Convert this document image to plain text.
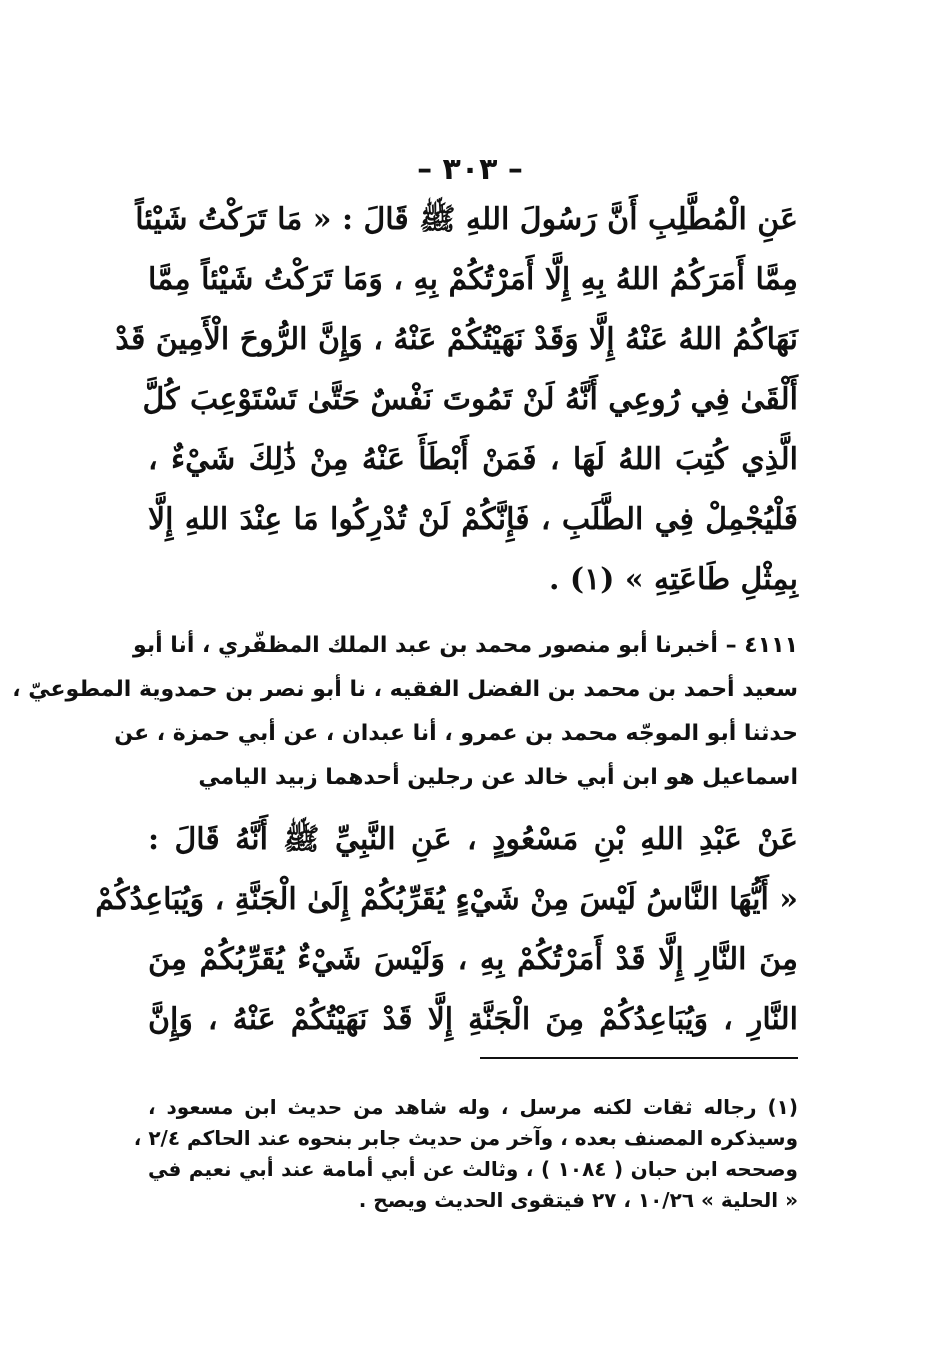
– ٣٠٣ –
عَنِ الْمُطَّلِبِ أَنَّ رَسُولَ اللهِ ﷺ قَالَ : « مَا تَرَكْتُ شَيْئاً
مِمَّا أَمَرَكُمُ اللهُ بِهِ إِلَّا أَمَرْتُكُمْ بِهِ ، وَمَا تَرَكْتُ شَيْئاً مِمَّا
نَهَاكُمُ اللهُ عَنْهُ إِلَّا وَقَدْ نَهَيْتُكُمْ عَنْهُ ، وَإِنَّ الرُّوحَ الْأَمِينَ قَدْ
أَلْقَىٰ فِي رُوعِي أَنَّهُ لَنْ تَمُوتَ نَفْسٌ حَتَّىٰ تَسْتَوْعِبَ كُلَّ
الَّذِي كُتِبَ اللهُ لَهَا ، فَمَنْ أَبْطَأَ عَنْهُ مِنْ ذَٰلِكَ شَيْءٌ ،
فَلْيُجْمِلْ فِي الطَّلَبِ ، فَإِنَّكُمْ لَنْ تُدْرِكُوا مَا عِنْدَ اللهِ إِلَّا
بِمِثْلِ طَاعَتِهِ » (١) .
٤١١١ – أخبرنا أبو منصور محمد بن عبد الملك المظفّري ، أنا أبو
سعيد أحمد بن محمد بن الفضل الفقيه ، نا أبو نصر بن حمدوية المطوعيّ ،
حدثنا أبو الموجّه محمد بن عمرو ، أنا عبدان ، عن أبي حمزة ، عن
اسماعيل هو ابن أبي خالد عن رجلين أحدهما زبيد اليامي
عَنْ عَبْدِ اللهِ بْنِ مَسْعُودٍ ، عَنِ النَّبِيِّ ﷺ أَنَّهُ قَالَ :
« أَيُّهَا النَّاسُ لَيْسَ مِنْ شَيْءٍ يُقَرِّبُكُمْ إِلَىٰ الْجَنَّةِ ، وَيُبَاعِدُكُمْ
مِنَ النَّارِ إِلَّا قَدْ أَمَرْتُكُمْ بِهِ ، وَلَيْسَ شَيْءٌ يُقَرِّبُكُمْ مِنَ
النَّارِ ، وَيُبَاعِدُكُمْ مِنَ الْجَنَّةِ إِلَّا قَدْ نَهَيْتُكُمْ عَنْهُ ، وَإِنَّ
(١) رجاله ثقات لكنه مرسل ، وله شاهد من حديث ابن مسعود ،
وسيذكره المصنف بعده ، وآخر من حديث جابر بنحوه عند الحاكم ٢/٤ ،
وصححه ابن حبان ( ١٠٨٤ ) ، وثالث عن أبي أمامة عند أبي نعيم في
« الحلية » ١٠/٢٦ ، ٢٧ فيتقوى الحديث ويصح .
